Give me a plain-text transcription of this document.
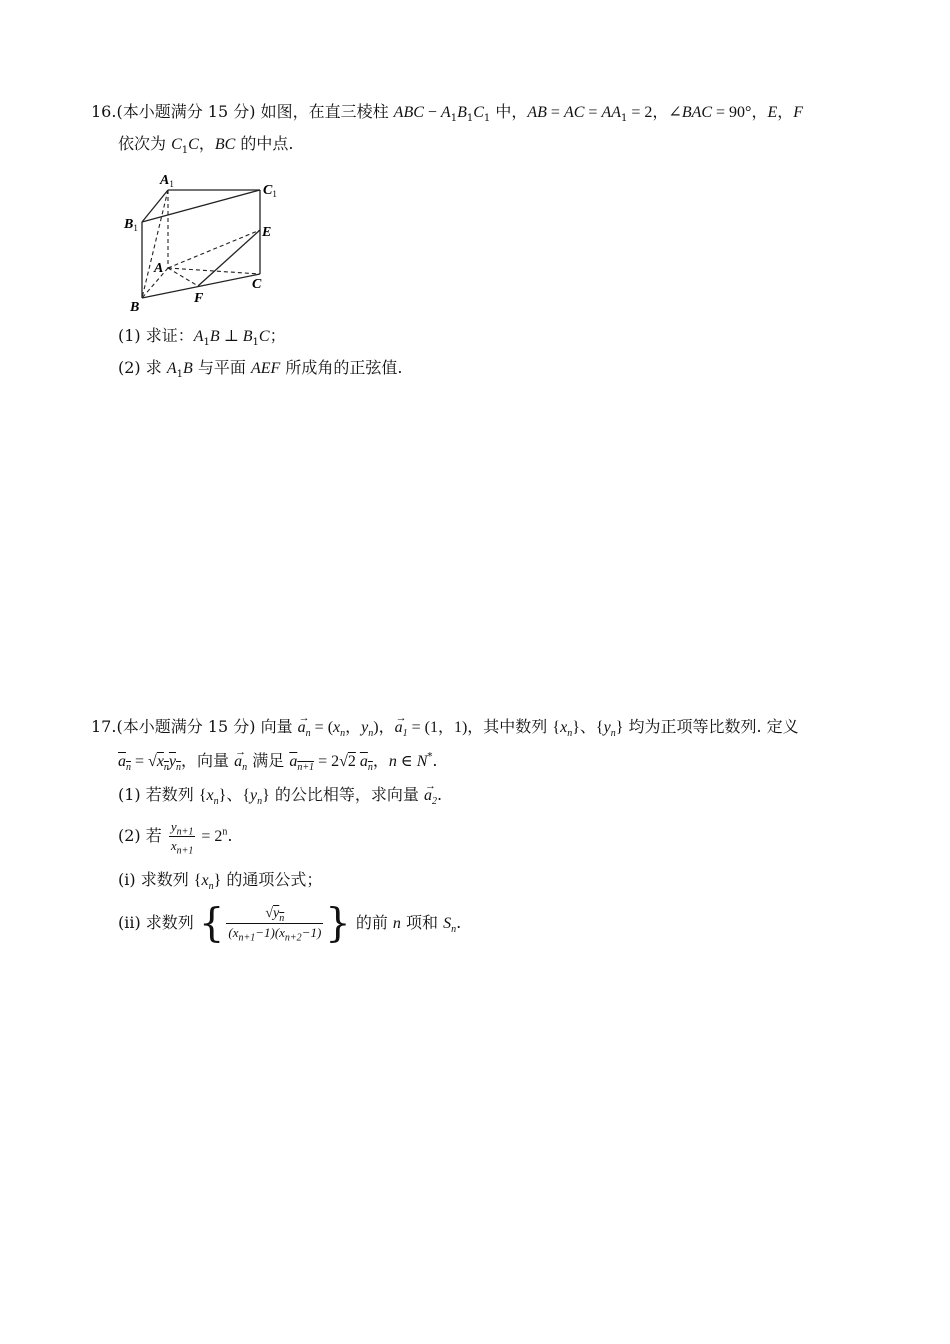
16.(本小题满分 15 分) 如图，在直三棱柱 ABC − $A_1B_1C_1$ 中，AB = AC = $AA_1 = 2$，∠BAC = 90°，E，F
依次为 $C_1C$，BC 的中点.
$A_1$	$C_1$
$B_1$	E
A
C
B
F
(1) 求证：$A_1B$ ⊥ $B_1C$；
(2) 求 $A_1B$ 与平面 AEF 所成角的正弦值.
17.(本小题满分 15 分) 向量 → $a_n = (x_n$，$y_n$)，→ $a_1 = (1$，1)，其中数列 $\{x_n\}$、$\{y_n\}$ 均为正项等比数列. 定义
$a_n = √x_ny_n$，向量 → $a_n$ 满足 $a_{n+1} = 2√2$ $a_n$，n ∈ N*.
(1) 若数列 $\{x_n\}$、$\{y_n\}$ 的公比相等，求向量 → $a_2$.
(2) 若 $\frac{y_{n+1}}{x_{n+1}} = 2^n$.
(i) 求数列 $\{x_n\}$ 的通项公式；
(ii) 求数列 { $\frac{√y_n}{(x_{n+1}-1)(x_{n+2}-1)}$ } 的前 n 项和 $S_n$.
